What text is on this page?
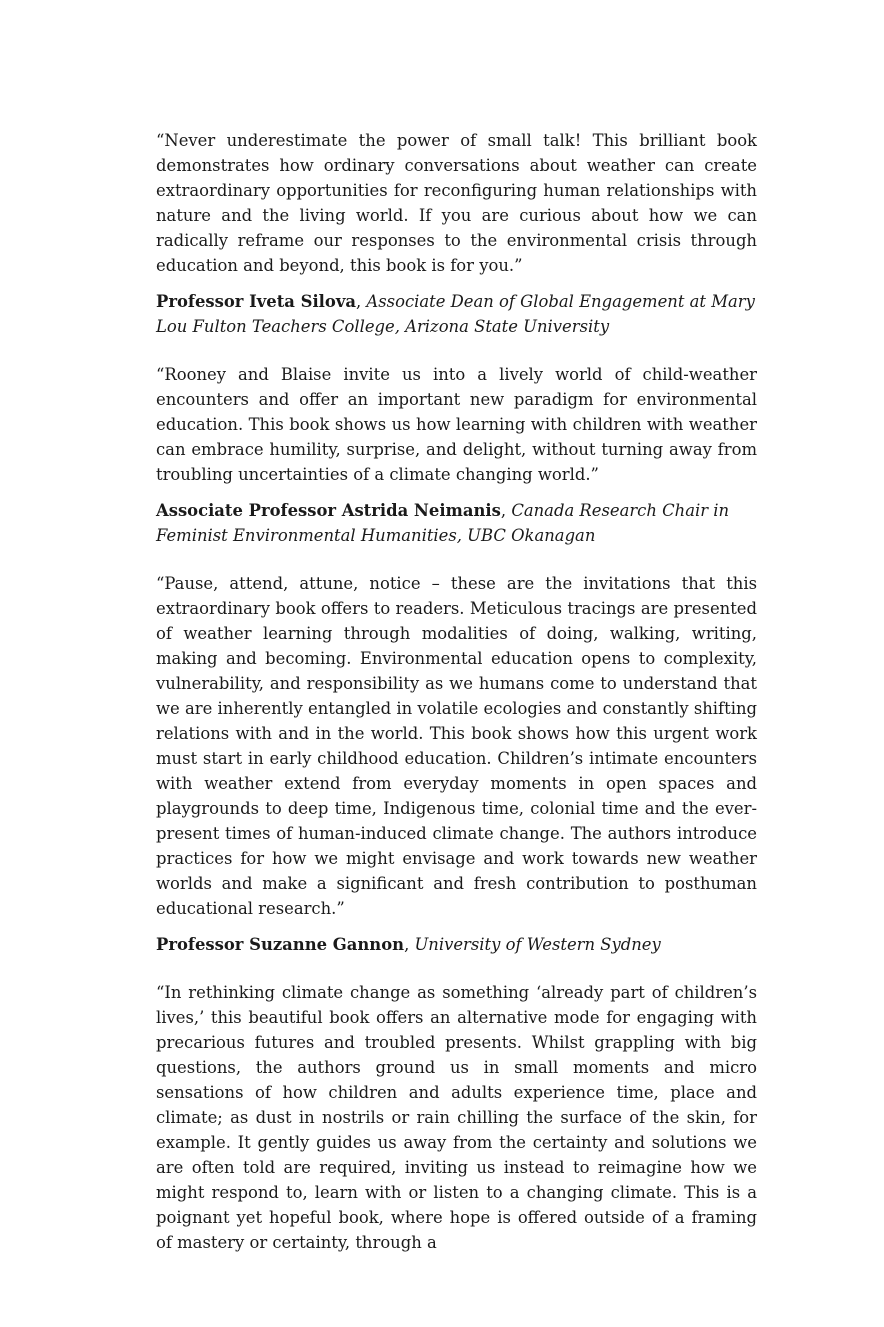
“Never underestimate the power of small talk! This brilliant book demonstrates how ordinary conversations about weather can create extraordinary opportunities for reconfiguring human relationships with nature and the living world. If you are curious about how we can radically reframe our responses to the environmental crisis through education and beyond, this book is for you.”

Professor Iveta Silova, Associate Dean of Global Engagement at Mary Lou Fulton Teachers College, Arizona State University

“Rooney and Blaise invite us into a lively world of child-weather encounters and offer an important new paradigm for environmental education. This book shows us how learning with children with weather can embrace humility, surprise, and delight, without turning away from troubling uncertainties of a climate changing world.”

Associate Professor Astrida Neimanis, Canada Research Chair in Feminist Environmental Humanities, UBC Okanagan

“Pause, attend, attune, notice – these are the invitations that this extraordinary book offers to readers. Meticulous tracings are presented of weather learning through modalities of doing, walking, writing, making and becoming. Environmental education opens to complexity, vulnerability, and responsibility as we humans come to understand that we are inherently entangled in volatile ecologies and constantly shifting relations with and in the world. This book shows how this urgent work must start in early childhood education. Children’s intimate encounters with weather extend from everyday moments in open spaces and playgrounds to deep time, Indigenous time, colonial time and the ever-present times of human-induced climate change. The authors introduce practices for how we might envisage and work towards new weather worlds and make a significant and fresh contribution to posthuman educational research.”

Professor Suzanne Gannon, University of Western Sydney

“In rethinking climate change as something ‘already part of children’s lives,’ this beautiful book offers an alternative mode for engaging with precarious futures and troubled presents. Whilst grappling with big questions, the authors ground us in small moments and micro sensations of how children and adults experience time, place and climate; as dust in nostrils or rain chilling the surface of the skin, for example. It gently guides us away from the certainty and solutions we are often told are required, inviting us instead to reimagine how we might respond to, learn with or listen to a changing climate. This is a poignant yet hopeful book, where hope is offered outside of a framing of mastery or certainty, through a
